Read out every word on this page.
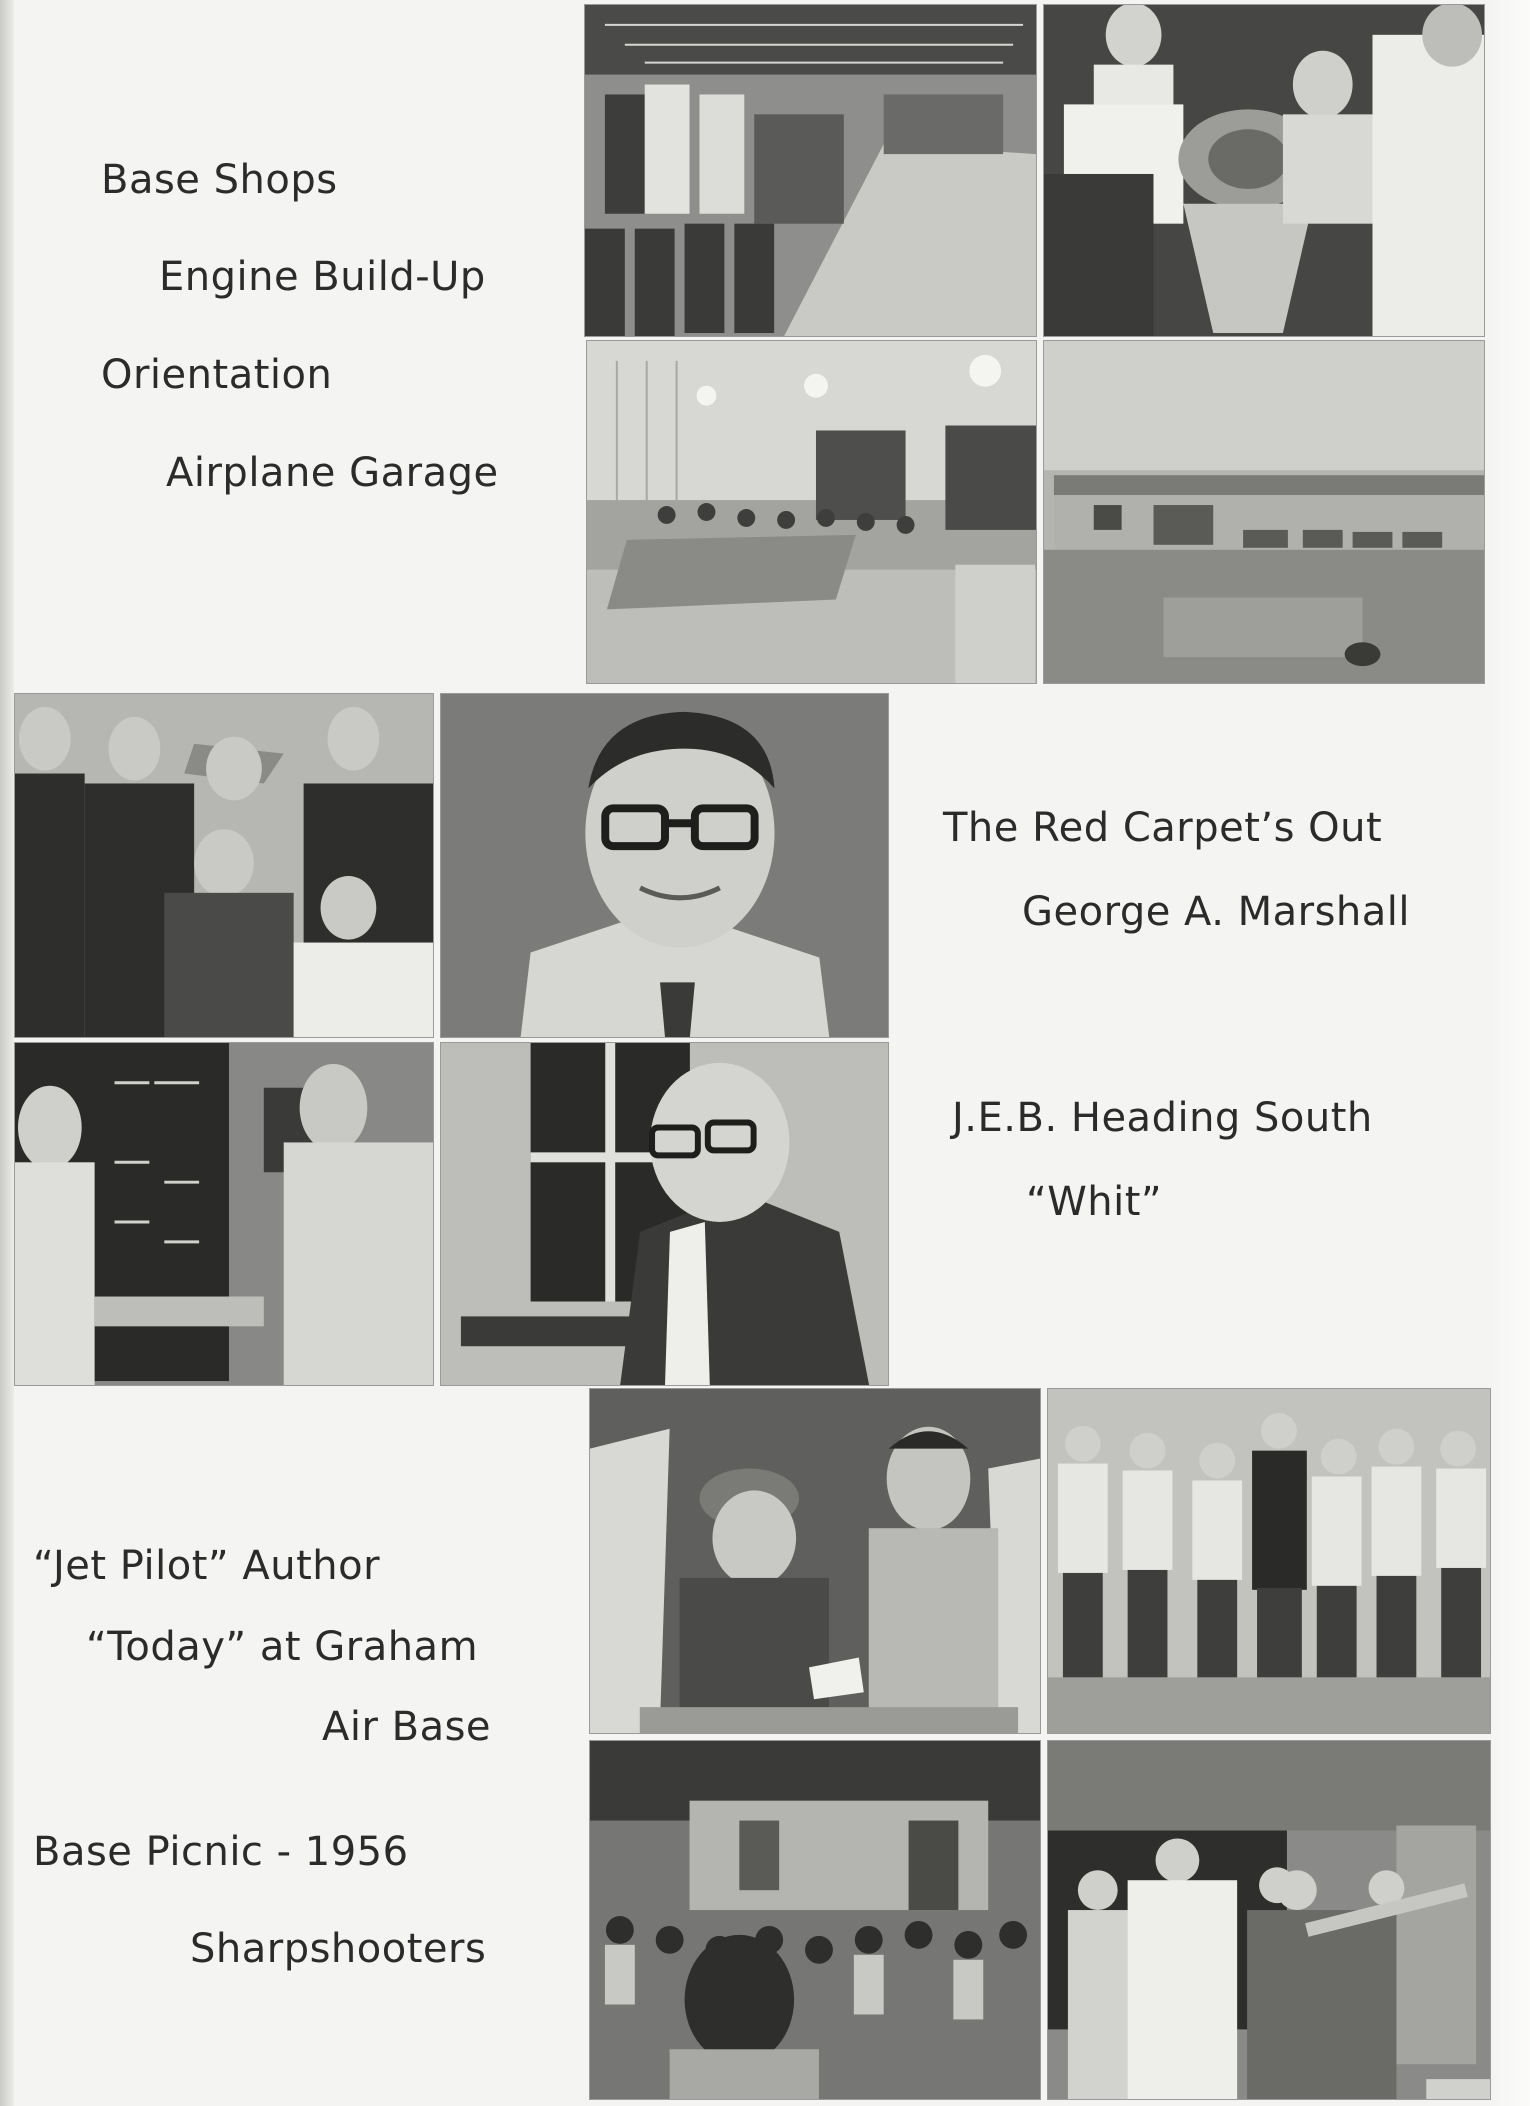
Base Shops
Engine Build-Up
Orientation
Airplane Garage
The Red Carpet’s Out
George A. Marshall
J.E.B. Heading South
“Whit”
“Jet Pilot” Author
“Today” at Graham
Air Base
Base Picnic - 1956
Sharpshooters
